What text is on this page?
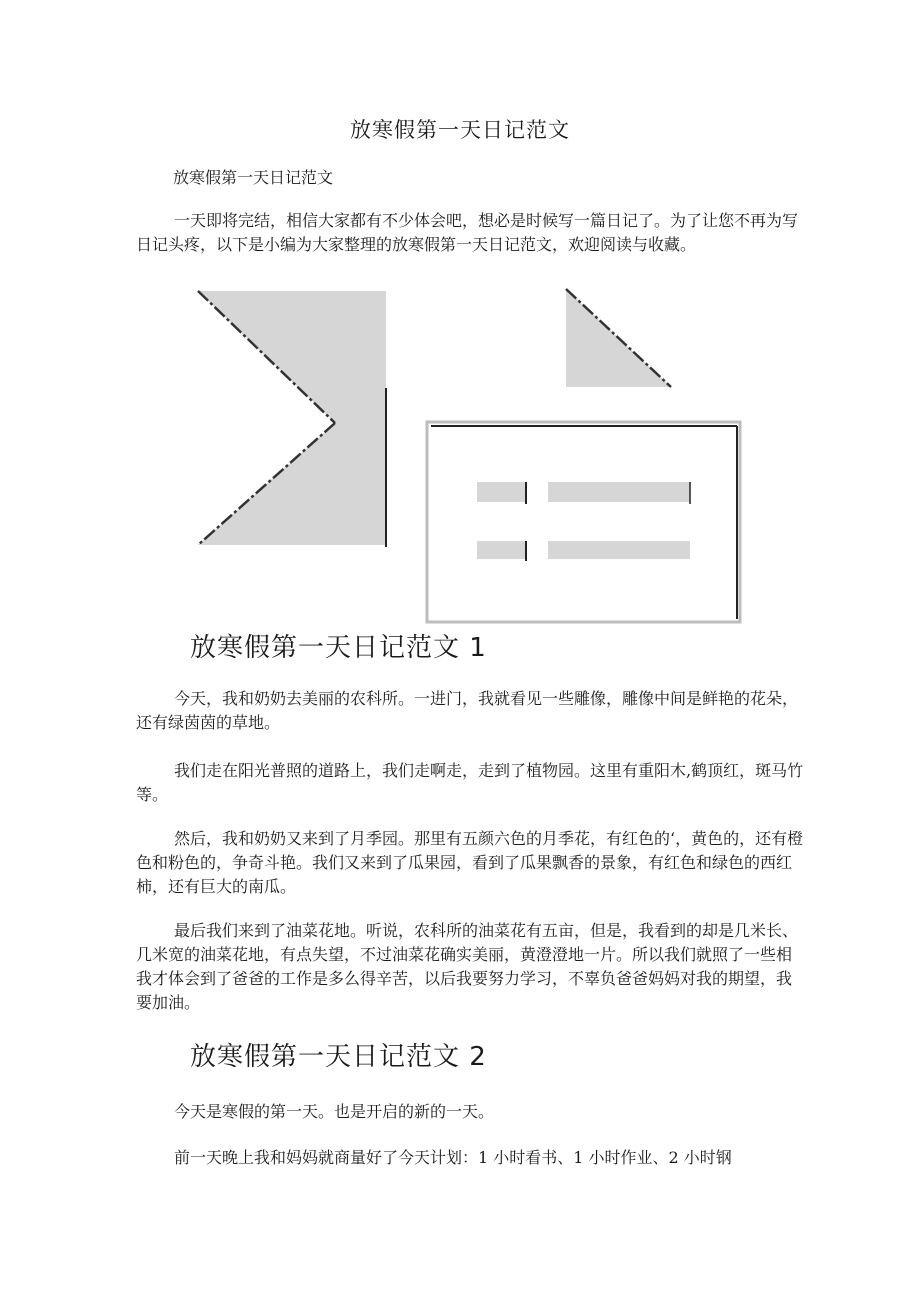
放寒假第一天日记范文
放寒假第一天日记范文

一天即将完结，相信大家都有不少体会吧，想必是时候写一篇日记了。为了让您不再为写日记头疼，以下是小编为大家整理的放寒假第一天日记范文，欢迎阅读与收藏。

放寒假第一天日记范文 1

今天，我和奶奶去美丽的农科所。一进门，我就看见一些雕像，雕像中间是鲜艳的花朵，还有绿茵茵的草地。

我们走在阳光普照的道路上，我们走啊走，走到了植物园。这里有重阳木,鹤顶红，斑马竹等。

然后，我和奶奶又来到了月季园。那里有五颜六色的月季花，有红色的‘，黄色的，还有橙色和粉色的，争奇斗艳。我们又来到了瓜果园，看到了瓜果飘香的景象，有红色和绿色的西红柿，还有巨大的南瓜。

最后我们来到了油菜花地。听说，农科所的油菜花有五亩，但是，我看到的却是几米长、几米宽的油菜花地，有点失望，不过油菜花确实美丽，黄澄澄地一片。所以我们就照了一些相我才体会到了爸爸的工作是多么得辛苦，以后我要努力学习，不辜负爸爸妈妈对我的期望，我要加油。

放寒假第一天日记范文 2
今天是寒假的第一天。也是开启的新的一天。
前一天晚上我和妈妈就商量好了今天计划：1 小时看书、1 小时作业、2 小时钢
